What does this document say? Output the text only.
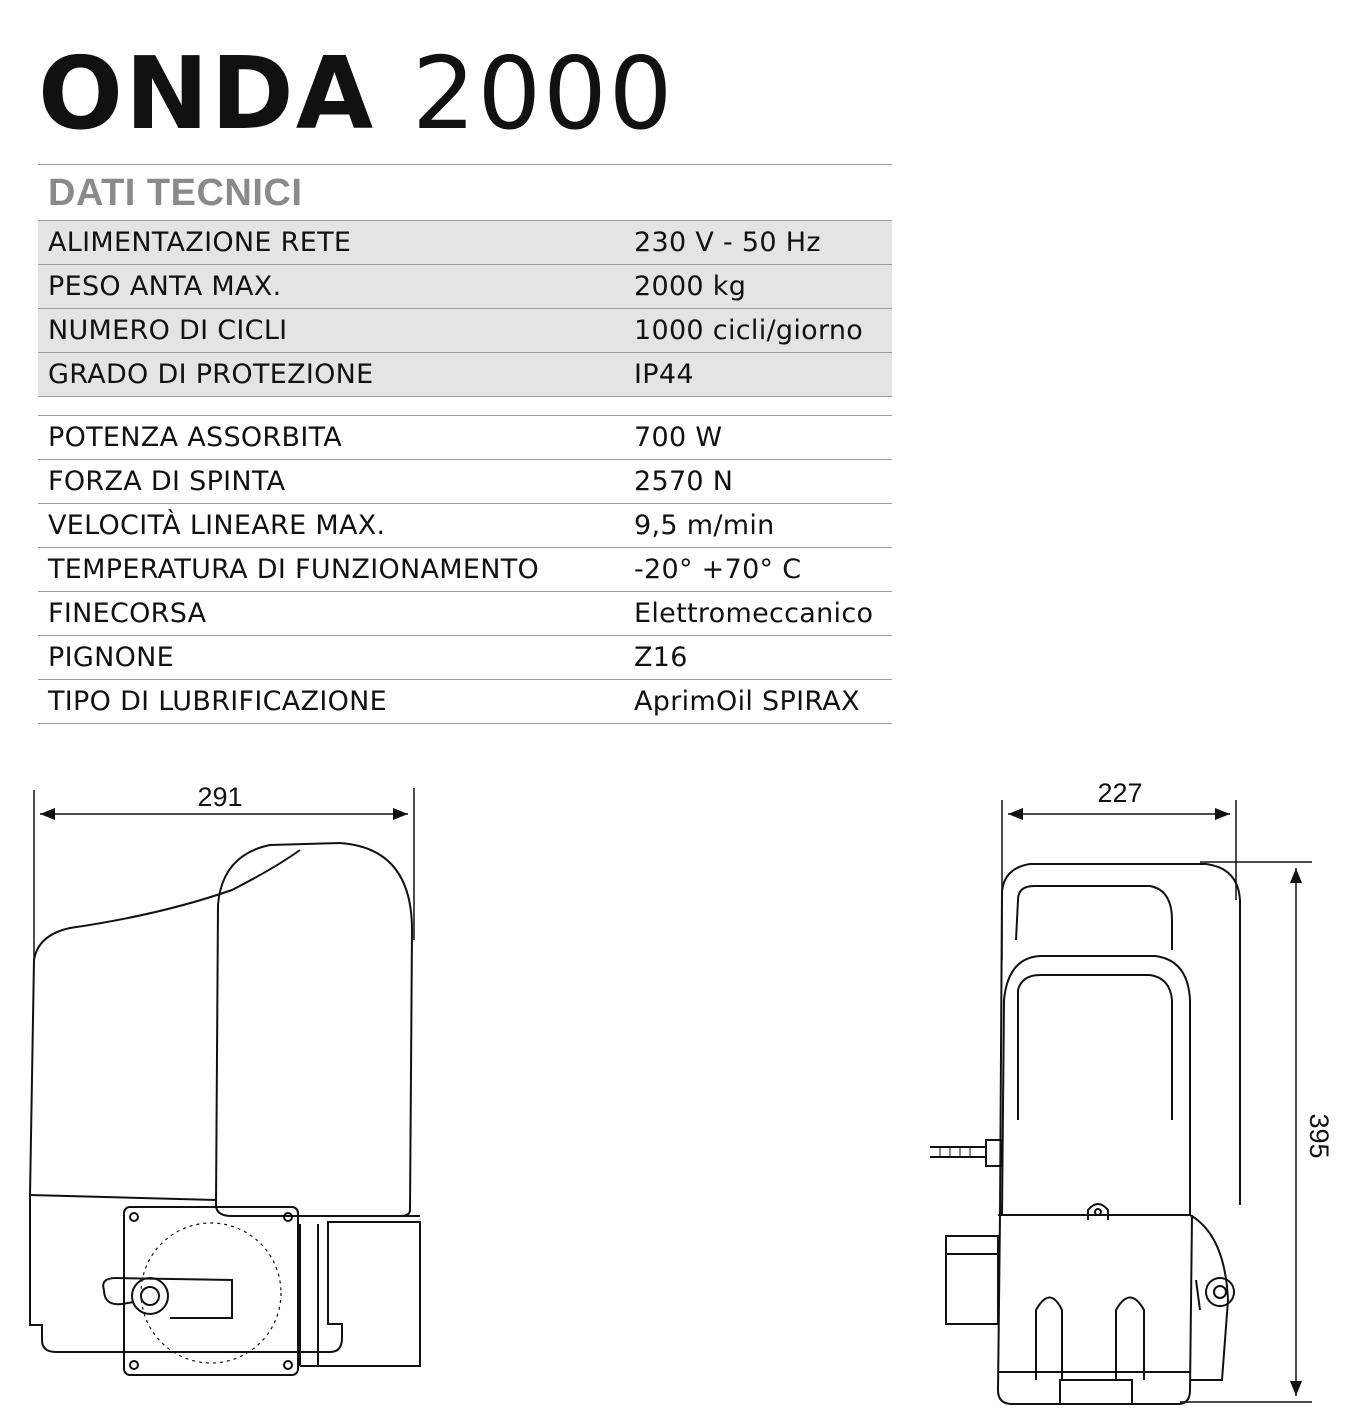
ONDA 2000
DATI TECNICI
ALIMENTAZIONE RETE	230 V - 50 Hz
PESO ANTA MAX.	2000 kg
NUMERO DI CICLI	1000 cicli/giorno
GRADO DI PROTEZIONE	IP44
POTENZA ASSORBITA	700 W
FORZA DI SPINTA	2570 N
VELOCITÀ LINEARE MAX.	9,5 m/min
TEMPERATURA DI FUNZIONAMENTO	-20° +70° C
FINECORSA	Elettromeccanico
PIGNONE	Z16
TIPO DI LUBRIFICAZIONE	AprimOil SPIRAX
291	227
395
